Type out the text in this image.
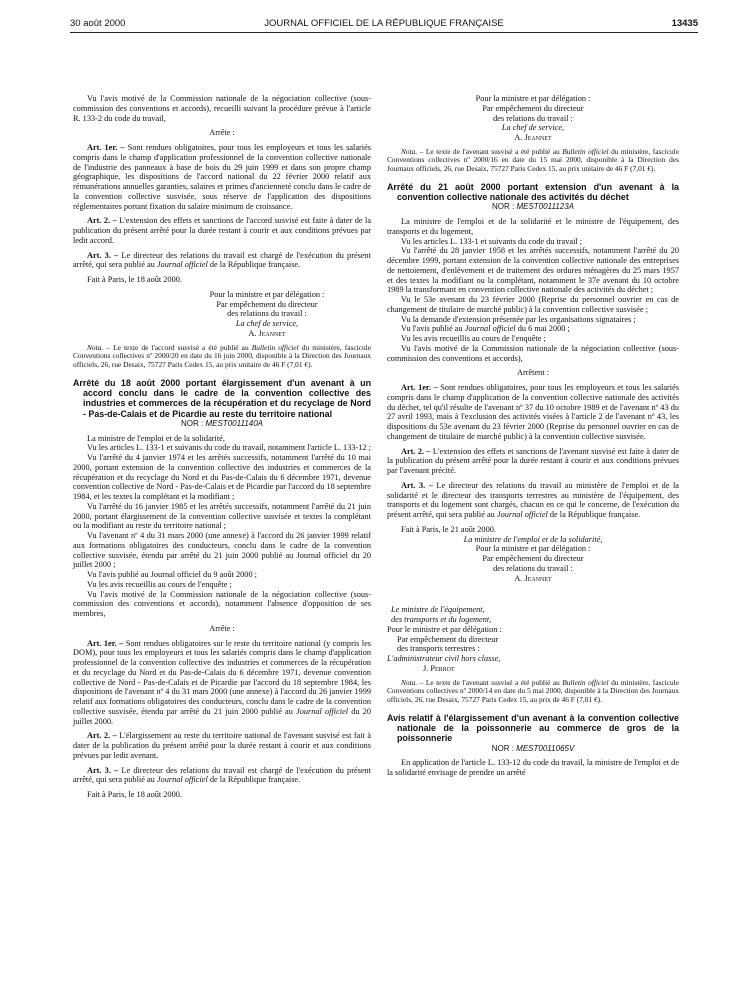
30 août 2000	JOURNAL OFFICIEL DE LA RÉPUBLIQUE FRANÇAISE	13435

Vu l'avis motivé de la Commission nationale de la négociation collective (sous-commission des conventions et accords), recueilli suivant la procédure prévue à l'article R. 133-2 du code du travail,

Arrête :

Art. 1er. – Sont rendues obligatoires, pour tous les employeurs et tous les salariés compris dans le champ d'application professionnel de la convention collective nationale de l'industrie des panneaux à base de bois du 29 juin 1999 et dans son propre champ géographique, les dispositions de l'accord national du 22 février 2000 relatif aux rémunérations annuelles garanties, salaires et primes d'ancienneté conclu dans le cadre de la convention collective susvisée, sous réserve de l'application des dispositions réglementaires portant fixation du salaire minimum de croissance.

Art. 2. – L'extension des effets et sanctions de l'accord susvisé est faite à dater de la publication du présent arrêté pour la durée restant à courir et aux conditions prévues par ledit accord.

Art. 3. – Le directeur des relations du travail est chargé de l'exécution du présent arrêté, qui sera publié au Journal officiel de la République française.

Fait à Paris, le 18 août 2000.

Pour la ministre et par délégation :

Par empêchement du directeur

des relations du travail :

La chef de service,

A. Jeannet

Nota. – Le texte de l'accord susvisé a été publié au Bulletin officiel du ministère, fascicule Conventions collectives nº 2000/20 en date du 16 juin 2000, disponible à la Direction des Journaux officiels, 26, rue Desaix, 75727 Paris Cedex 15, au prix unitaire de 46 F (7,01 €).

Arrêté du 18 août 2000 portant élargissement d'un avenant à un accord conclu dans le cadre de la convention collective des industries et commerces de la récupération et du recyclage de Nord - Pas-de-Calais et de Picardie au reste du territoire national

NOR : MESТ0011140A

La ministre de l'emploi et de la solidarité,

Vu les articles L. 133-1 et suivants du code du travail, notamment l'article L. 133-12 ;

Vu l'arrêté du 4 janvier 1974 et les arrêtés successifs, notamment l'arrêté du 10 mai 2000, portant extension de la convention collective des industries et commerces de la récupération et du recyclage du Nord et du Pas-de-Calais du 6 décembre 1971, devenue convention collective de Nord - Pas-de-Calais et de Picardie par l'accord du 18 septembre 1984, et les textes la complétant et la modifiant ;

Vu l'arrêté du 16 janvier 1985 et les arrêtés successifs, notamment l'arrêté du 21 juin 2000, portant élargissement de la convention collective susvisée et textes la complétant ou la modifiant au reste du territoire national ;

Vu l'avenant nº 4 du 31 mars 2000 (une annexe) à l'accord du 26 janvier 1999 relatif aux formations obligatoires des conducteurs, conclu dans le cadre de la convention collective susvisée, étendu par arrêté du 21 juin 2000 publié au Journal officiel du 20 juillet 2000 ;

Vu l'avis publié au Journal officiel du 9 août 2000 ;

Vu les avis recueillis au cours de l'enquête ;

Vu l'avis motivé de la Commission nationale de la négociation collective (sous-commission des conventions et accords), notamment l'absence d'opposition de ses membres,

Arrête :

Art. 1er. – Sont rendues obligatoires sur le reste du territoire national (y compris les DOM), pour tous les employeurs et tous les salariés compris dans le champ d'application professionnel de la convention collective des industries et commerces de la récupération et du recyclage du Nord et du Pas-de-Calais du 6 décembre 1971, devenue convention collective de Nord - Pas-de-Calais et de Picardie par l'accord du 18 septembre 1984, les dispositions de l'avenant nº 4 du 31 mars 2000 (une annexe) à l'accord du 26 janvier 1999 relatif aux formations obligatoires des conducteurs, conclu dans le cadre de la convention collective susvisée, étendu par arrêté du 21 juin 2000 publié au Journal officiel du 20 juillet 2000.

Art. 2. – L'élargissement au reste du territoire national de l'avenant susvisé est fait à dater de la publication du présent arrêté pour la durée restant à courir et aux conditions prévues par ledit avenant.

Art. 3. – Le directeur des relations du travail est chargé de l'exécution du présent arrêté, qui sera publié au Journal officiel de la République française.

Fait à Paris, le 18 août 2000.

Pour la ministre et par délégation :

Par empêchement du directeur

des relations du travail :

La chef de service,

A. Jeannet

Nota. – Le texte de l'avenant susvisé a été publié au Bulletin officiel du ministère, fascicule Conventions collectives nº 2000/16 en date du 15 mai 2000, disponible à la Direction des Journaux officiels, 26, rue Desaix, 75727 Paris Cedex 15, au prix unitaire de 46 F (7,01 €).

Arrêté du 21 août 2000 portant extension d'un avenant à la convention collective nationale des activités du déchet

NOR : MEST0011123A

La ministre de l'emploi et de la solidarité et le ministre de l'équipement, des transports et du logement,

Vu les articles L. 133-1 et suivants du code du travail ;

Vu l'arrêté du 28 janvier 1958 et les arrêtés successifs, notamment l'arrêté du 20 décembre 1999, portant extension de la convention collective nationale des entreprises de nettoiement, d'enlèvement et de traitement des ordures ménagères du 25 mars 1957 et des textes la modifiant ou la complétant, notamment le 37e avenant du 10 octobre 1989 la transformant en convention collective nationale des activités du déchet ;

Vu le 53e avenant du 23 février 2000 (Reprise du personnel ouvrier en cas de changement de titulaire de marché public) à la convention collective susvisée ;

Vu la demande d'extension présentée par les organisations signataires ;

Vu l'avis publié au Journal officiel du 6 mai 2000 ;

Vu les avis recueillis au cours de l'enquête ;

Vu l'avis motivé de la Commission nationale de la négociation collective (sous-commission des conventions et accords),

Arrêtent :

Art. 1er. – Sont rendues obligatoires, pour tous les employeurs et tous les salariés compris dans le champ d'application de la convention collective nationale des activités du déchet, tel qu'il résulte de l'avenant nº 37 du 10 octobre 1989 et de l'avenant nº 43 du 27 avril 1993, mais à l'exclusion des activités visées à l'article 2 de l'avenant nº 43, les dispositions du 53e avenant du 23 février 2000 (Reprise du personnel ouvrier en cas de changement de titulaire de marché public) à la convention collective susvisée.

Art. 2. – L'extension des effets et sanctions de l'avenant susvisé est faite à dater de la publication du présent arrêté pour la durée restant à courir et aux conditions prévues par l'avenant précité.

Art. 3. – Le directeur des relations du travail au ministère de l'emploi et de la solidarité et le directeur des transports terrestres au ministère de l'équipement, des transports et du logement sont chargés, chacun en ce qui le concerne, de l'exécution du présent arrêté, qui sera publié au Journal officiel de la République française.

Fait à Paris, le 21 août 2000.

La ministre de l'emploi et de la solidarité,

Pour la ministre et par délégation :

Par empêchement du directeur

des relations du travail :

A. Jeannet

Le ministre de l'équipement,

des transports et du logement,

Pour le ministre et par délégation :

Par empêchement du directeur

des transports terrestres :

L'administrateur civil hors classe,

J. Perrot

Nota. – Le texte de l'avenant susvisé a été publié au Bulletin officiel du ministère, fascicule Conventions collectives nº 2000/14 en date du 5 mai 2000, disponible à la Direction des Journaux officiels, 26, rue Desaix, 75727 Paris Cedex 15, au prix de 46 F (7,01 €).

Avis relatif à l'élargissement d'un avenant à la convention collective nationale de la poissonnerie au commerce de gros de la poissonnerie

NOR : MEST0011065V

En application de l'article L. 133-12 du code du travail, la ministre de l'emploi et de la solidarité envisage de prendre un arrêté
